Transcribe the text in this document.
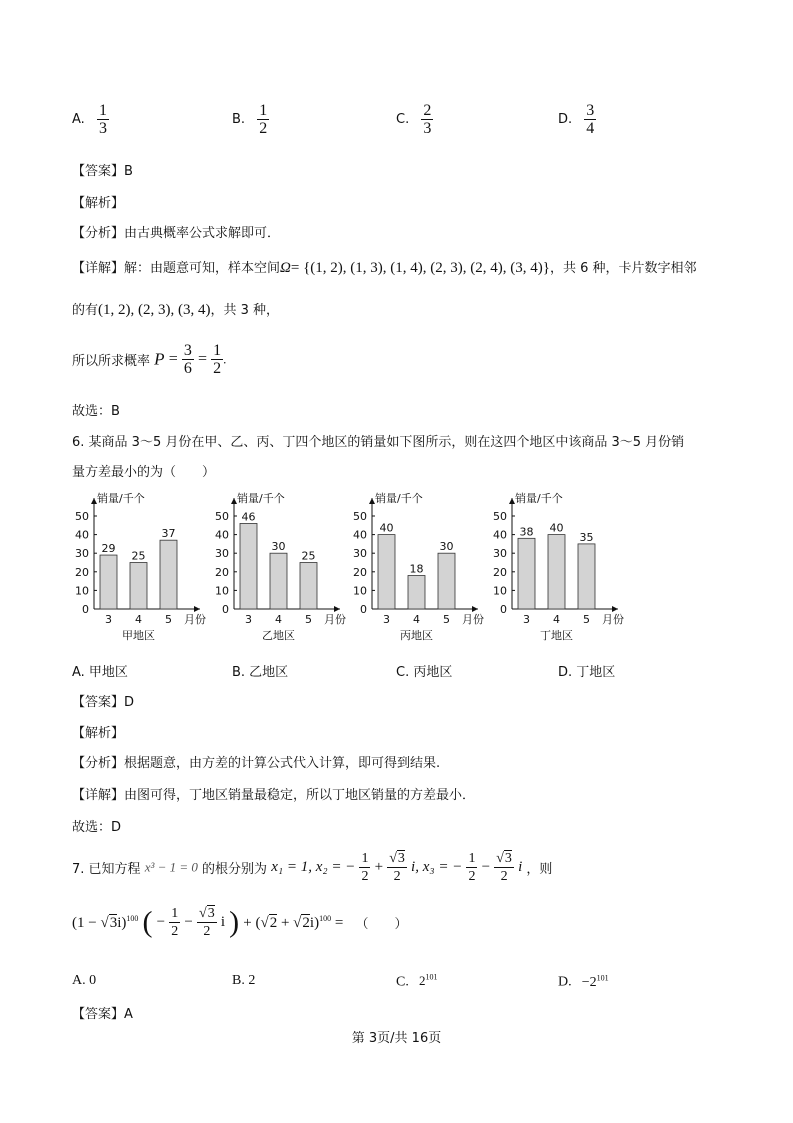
A. $\frac{1}{3}$	B. $\frac{1}{2}$	C. $\frac{2}{3}$	D. $\frac{3}{4}$
【答案】B
【解析】
【分析】由古典概率公式求解即可．
【详解】解：由题意可知，样本空间Ω= {(1, 2), (1, 3), (1, 4), (2, 3), (2, 4), (3, 4)}，共 6 种，卡片数字相邻
的有(1, 2), (2, 3), (3, 4)，共 3 种，
所以所求概率 $P = \frac{3}{6} = \frac{1}{2}$ .
故选：B
6. 某商品 3～5 月份在甲、乙、丙、丁四个地区的销量如下图所示，则在这四个地区中该商品 3～5 月份销
量方差最小的为（　　）
销量/千个
0
10
20
30
40
50
29
3
25
4
37
5 月份
甲地区
销量/千个
0
10
20
30
40
50 46
3
30
4
25
5 月份
乙地区
销量/千个
0
10
20
30
40
50
40
3
18
4
30
5 月份
丙地区
销量/千个
0
10
20
30
40
50
38
3
40
4
35
5 月份
丁地区
A. 甲地区	B. 乙地区	C. 丙地区	D. 丁地区
【答案】D
【解析】
【分析】根据题意，由方差的计算公式代入计算，即可得到结果.
【详解】由图可得，丁地区销量最稳定，所以丁地区销量的方差最小．
故选：D
7. 已知方程 x³ − 1 = 0 的根分别为 x₁ = 1, x₂ = − $\frac{1}{2} + \frac{√3}{2} i$, x₃ = − $\frac{1}{2} - \frac{√3}{2}$ i ，则
$(1 - √3i)^{100}$ ( − $\frac{1}{2} - \frac{√3}{2}$ i ) + $(√2 + √2i)^{100}$ = （　　）
A. 0	B. 2	C. $2^{101}$	D. $-2^{101}$
【答案】A
第 3页/共 16页
